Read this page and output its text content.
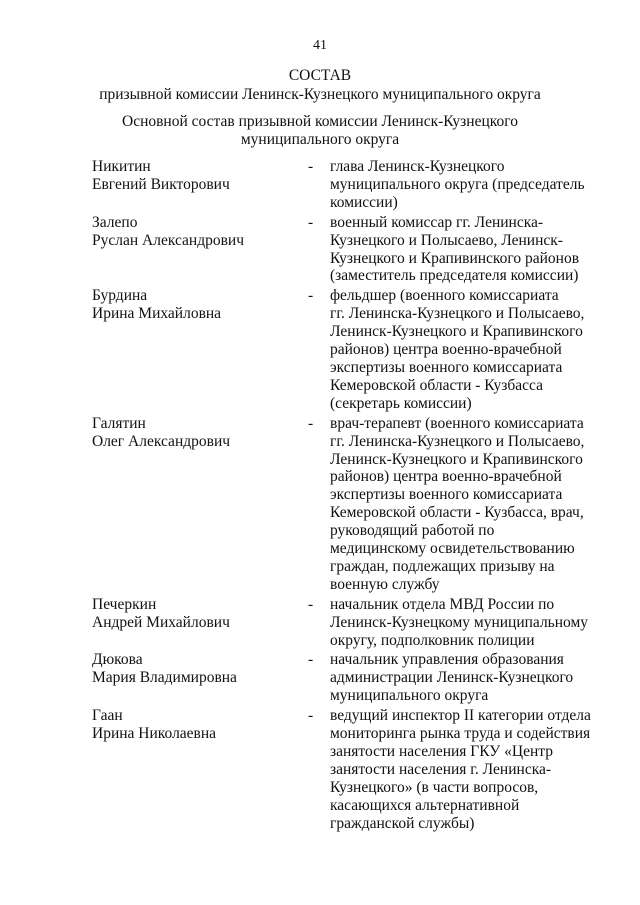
41
СОСТАВ
призывной комиссии Ленинск-Кузнецкого муниципального округа
Основной состав призывной комиссии Ленинск-Кузнецкого
муниципального округа
Никитин
Евгений Викторович
-	глава Ленинск-Кузнецкого
муниципального округа (председатель
комиссии)
Залепо
Руслан Александрович
-	военный комиссар гг. Ленинска-
Кузнецкого и Полысаево, Ленинск-
Кузнецкого и Крапивинского районов
(заместитель председателя комиссии)
Бурдина
Ирина Михайловна
-	фельдшер (военного комиссариата
гг. Ленинска-Кузнецкого и Полысаево,
Ленинск-Кузнецкого и Крапивинского
районов) центра военно-врачебной
экспертизы военного комиссариата
Кемеровской области - Кузбасса
(секретарь комиссии)
Галятин
Олег Александрович
-	врач-терапевт (военного комиссариата
гг. Ленинска-Кузнецкого и Полысаево,
Ленинск-Кузнецкого и Крапивинского
районов) центра военно-врачебной
экспертизы военного комиссариата
Кемеровской области - Кузбасса, врач,
руководящий работой по
медицинскому освидетельствованию
граждан, подлежащих призыву на
военную службу
Печеркин
Андрей Михайлович
-	начальник отдела МВД России по
Ленинск-Кузнецкому муниципальному
округу, подполковник полиции
Дюкова
Мария Владимировна
-	начальник управления образования
администрации Ленинск-Кузнецкого
муниципального округа
Гаан
Ирина Николаевна
-	ведущий инспектор II категории отдела
мониторинга рынка труда и содействия
занятости населения ГКУ «Центр
занятости населения г. Ленинска-
Кузнецкого» (в части вопросов,
касающихся альтернативной
гражданской службы)
